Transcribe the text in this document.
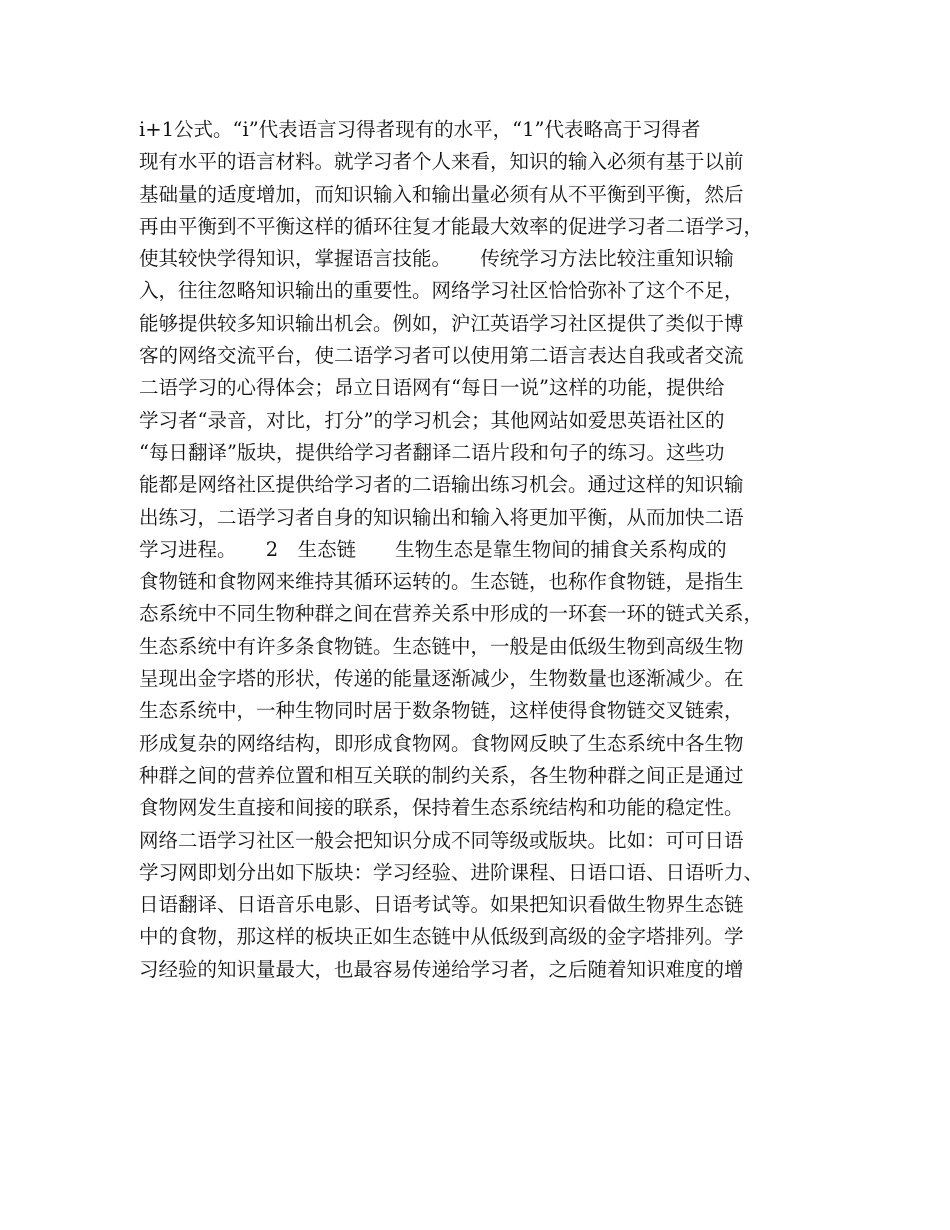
i+1公式。“i”代表语言习得者现有的水平，“1”代表略高于习得者
现有水平的语言材料。就学习者个人来看，知识的输入必须有基于以前
基础量的适度增加，而知识输入和输出量必须有从不平衡到平衡，然后
再由平衡到不平衡这样的循环往复才能最大效率的促进学习者二语学习，
使其较快学得知识，掌握语言技能。　　传统学习方法比较注重知识输
入，往往忽略知识输出的重要性。网络学习社区恰恰弥补了这个不足，
能够提供较多知识输出机会。例如，沪江英语学习社区提供了类似于博
客的网络交流平台，使二语学习者可以使用第二语言表达自我或者交流
二语学习的心得体会；昂立日语网有“每日一说”这样的功能，提供给
学习者“录音，对比，打分”的学习机会；其他网站如爱思英语社区的
“每日翻译”版块，提供给学习者翻译二语片段和句子的练习。这些功
能都是网络社区提供给学习者的二语输出练习机会。通过这样的知识输
出练习，二语学习者自身的知识输出和输入将更加平衡，从而加快二语
学习进程。　　2　生态链　　生物生态是靠生物间的捕食关系构成的
食物链和食物网来维持其循环运转的。生态链，也称作食物链，是指生
态系统中不同生物种群之间在营养关系中形成的一环套一环的链式关系，
生态系统中有许多条食物链。生态链中，一般是由低级生物到高级生物
呈现出金字塔的形状，传递的能量逐渐减少，生物数量也逐渐减少。在
生态系统中，一种生物同时居于数条物链，这样使得食物链交叉链索，
形成复杂的网络结构，即形成食物网。食物网反映了生态系统中各生物
种群之间的营养位置和相互关联的制约关系，各生物种群之间正是通过
食物网发生直接和间接的联系，保持着生态系统结构和功能的稳定性。
网络二语学习社区一般会把知识分成不同等级或版块。比如：可可日语
学习网即划分出如下版块：学习经验、进阶课程、日语口语、日语听力、
日语翻译、日语音乐电影、日语考试等。如果把知识看做生物界生态链
中的食物，那这样的板块正如生态链中从低级到高级的金字塔排列。学
习经验的知识量最大，也最容易传递给学习者，之后随着知识难度的增
